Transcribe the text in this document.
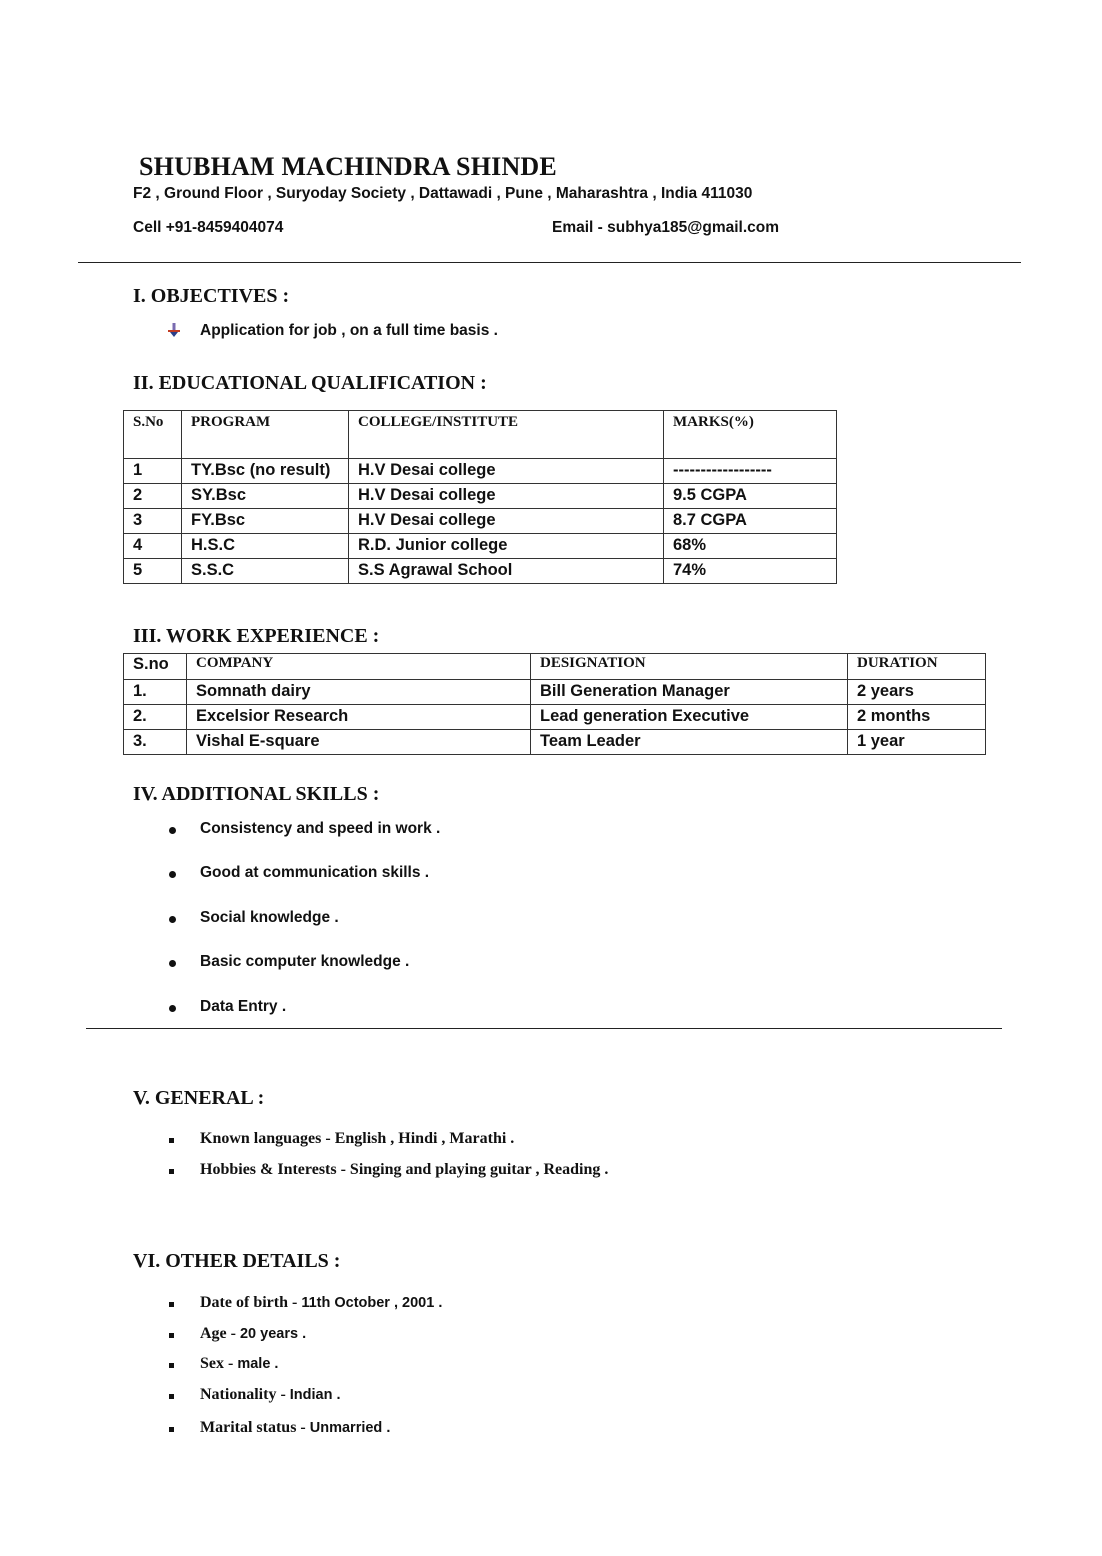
SHUBHAM MACHINDRA SHINDE
F2 , Ground Floor , Suryoday Society , Dattawadi , Pune , Maharashtra , India 411030
Cell +91-8459404074	Email - subhya185@gmail.com
I. OBJECTIVES :
Application for job , on a full time basis .
II. EDUCATIONAL QUALIFICATION :
S.No	PROGRAM	COLLEGE/INSTITUTE	MARKS(%)
1	TY.Bsc (no result)	H.V Desai college	------------------
2	SY.Bsc	H.V Desai college	9.5 CGPA
3	FY.Bsc	H.V Desai college	8.7 CGPA
4	H.S.C	R.D. Junior college	68%
5	S.S.C	S.S Agrawal School	74%
III. WORK EXPERIENCE :
S.no	COMPANY	DESIGNATION	DURATION
1.	Somnath dairy	Bill Generation Manager	2 years
2.	Excelsior Research	Lead generation Executive	2 months
3.	Vishal E-square	Team Leader	1 year
IV. ADDITIONAL SKILLS :
Consistency and speed in work .
Good at communication skills .
Social knowledge .
Basic computer knowledge .
Data Entry .
V. GENERAL :
Known languages - English , Hindi , Marathi .
Hobbies & Interests - Singing and playing guitar , Reading .
VI. OTHER DETAILS :
Date of birth - 11th October , 2001 .
Age - 20 years .
Sex - male .
Nationality - Indian .
Marital status - Unmarried .
